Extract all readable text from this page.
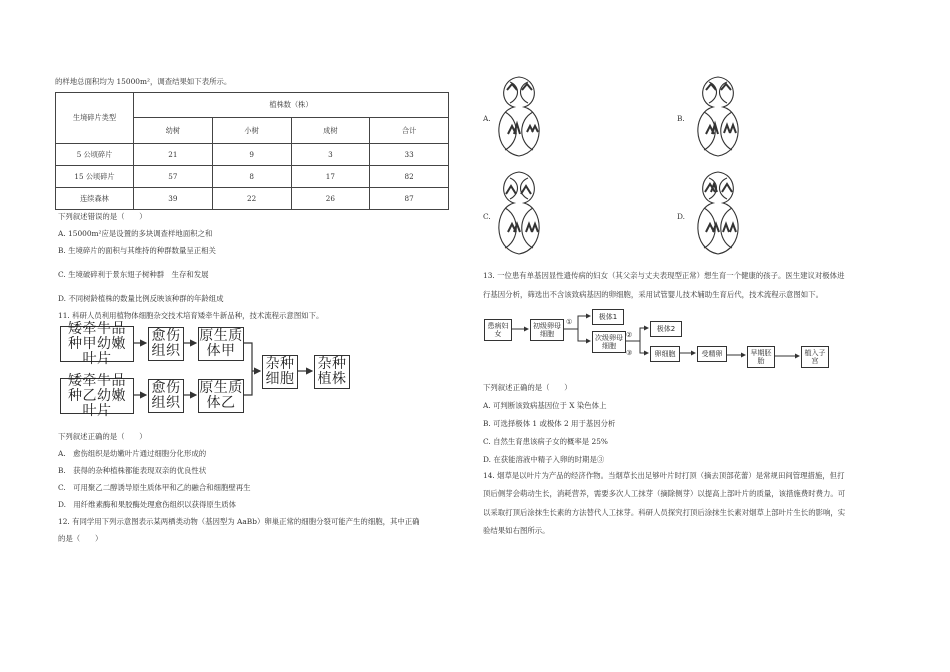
的样地总面积均为 15000m²，调查结果如下表所示。
生境碎片类型	植株数（株）			
	幼树	小树	成树	合计
5 公顷碎片	21	9	3	33
15 公顷碎片	57	8	17	82
连续森林	39	22	26	87
下列叙述错误的是（　　）
A. 15000m²应是设置的多块调查样地面积之和
B. 生境碎片的面积与其维持的种群数量呈正相关
C. 生境破碎利于景东翅子树种群　生存和发展
D. 不同树龄植株的数量比例反映该种群的年龄组成
11. 科研人员利用植物体细胞杂交技术培育矮牵牛新品种，技术流程示意图如下。
矮牵牛品种甲幼嫩叶片
愈伤组织
原生质体甲
矮牵牛品种乙幼嫩叶片
愈伤组织
原生质体乙
杂种细胞
杂种植株
下列叙述正确的是（　　）
A.　愈伤组织是幼嫩叶片通过细胞分化形成的
B.　获得的杂种植株都能表现双亲的优良性状
C.　可用聚乙二醇诱导原生质体甲和乙的融合和细胞壁再生
D.　用纤维素酶和果胶酶处理愈伤组织以获得原生质体
12. 有同学用下列示意图表示某两栖类动物（基因型为 AaBb）卵巢正常的细胞分裂可能产生的细胞，其中正确
的是（　　）
A.	B.
C.	D.
13. 一位患有单基因显性遗传病的妇女（其父亲与丈夫表现型正常）想生育一个健康的孩子。医生建议对极体进
行基因分析，筛选出不含该致病基因的卵细胞，采用试管婴儿技术辅助生育后代，技术流程示意图如下。
患病妇女
初级卵母细胞
极体1
次级卵母细胞
极体2
卵细胞	受精卵	早期胚胎
植入子宫
①
②
③
下列叙述正确的是（　　）
A. 可判断该致病基因位于 X 染色体上
B. 可选择极体 1 或极体 2 用于基因分析
C. 自然生育患该病子女的概率是 25%
D. 在获能溶液中精子入卵的时期是③
14. 烟草是以叶片为产品的经济作物。当烟草长出足够叶片时打顶（摘去顶部花蕾）是常规田间管理措施，但打
顶后侧芽会萌动生长，消耗营养，需要多次人工抹芽（摘除侧芽）以提高上部叶片的质量，该措施费时费力。可
以采取打顶后涂抹生长素的方法替代人工抹芽。科研人员探究打顶后涂抹生长素对烟草上部叶片生长的影响，实
验结果如右图所示。
